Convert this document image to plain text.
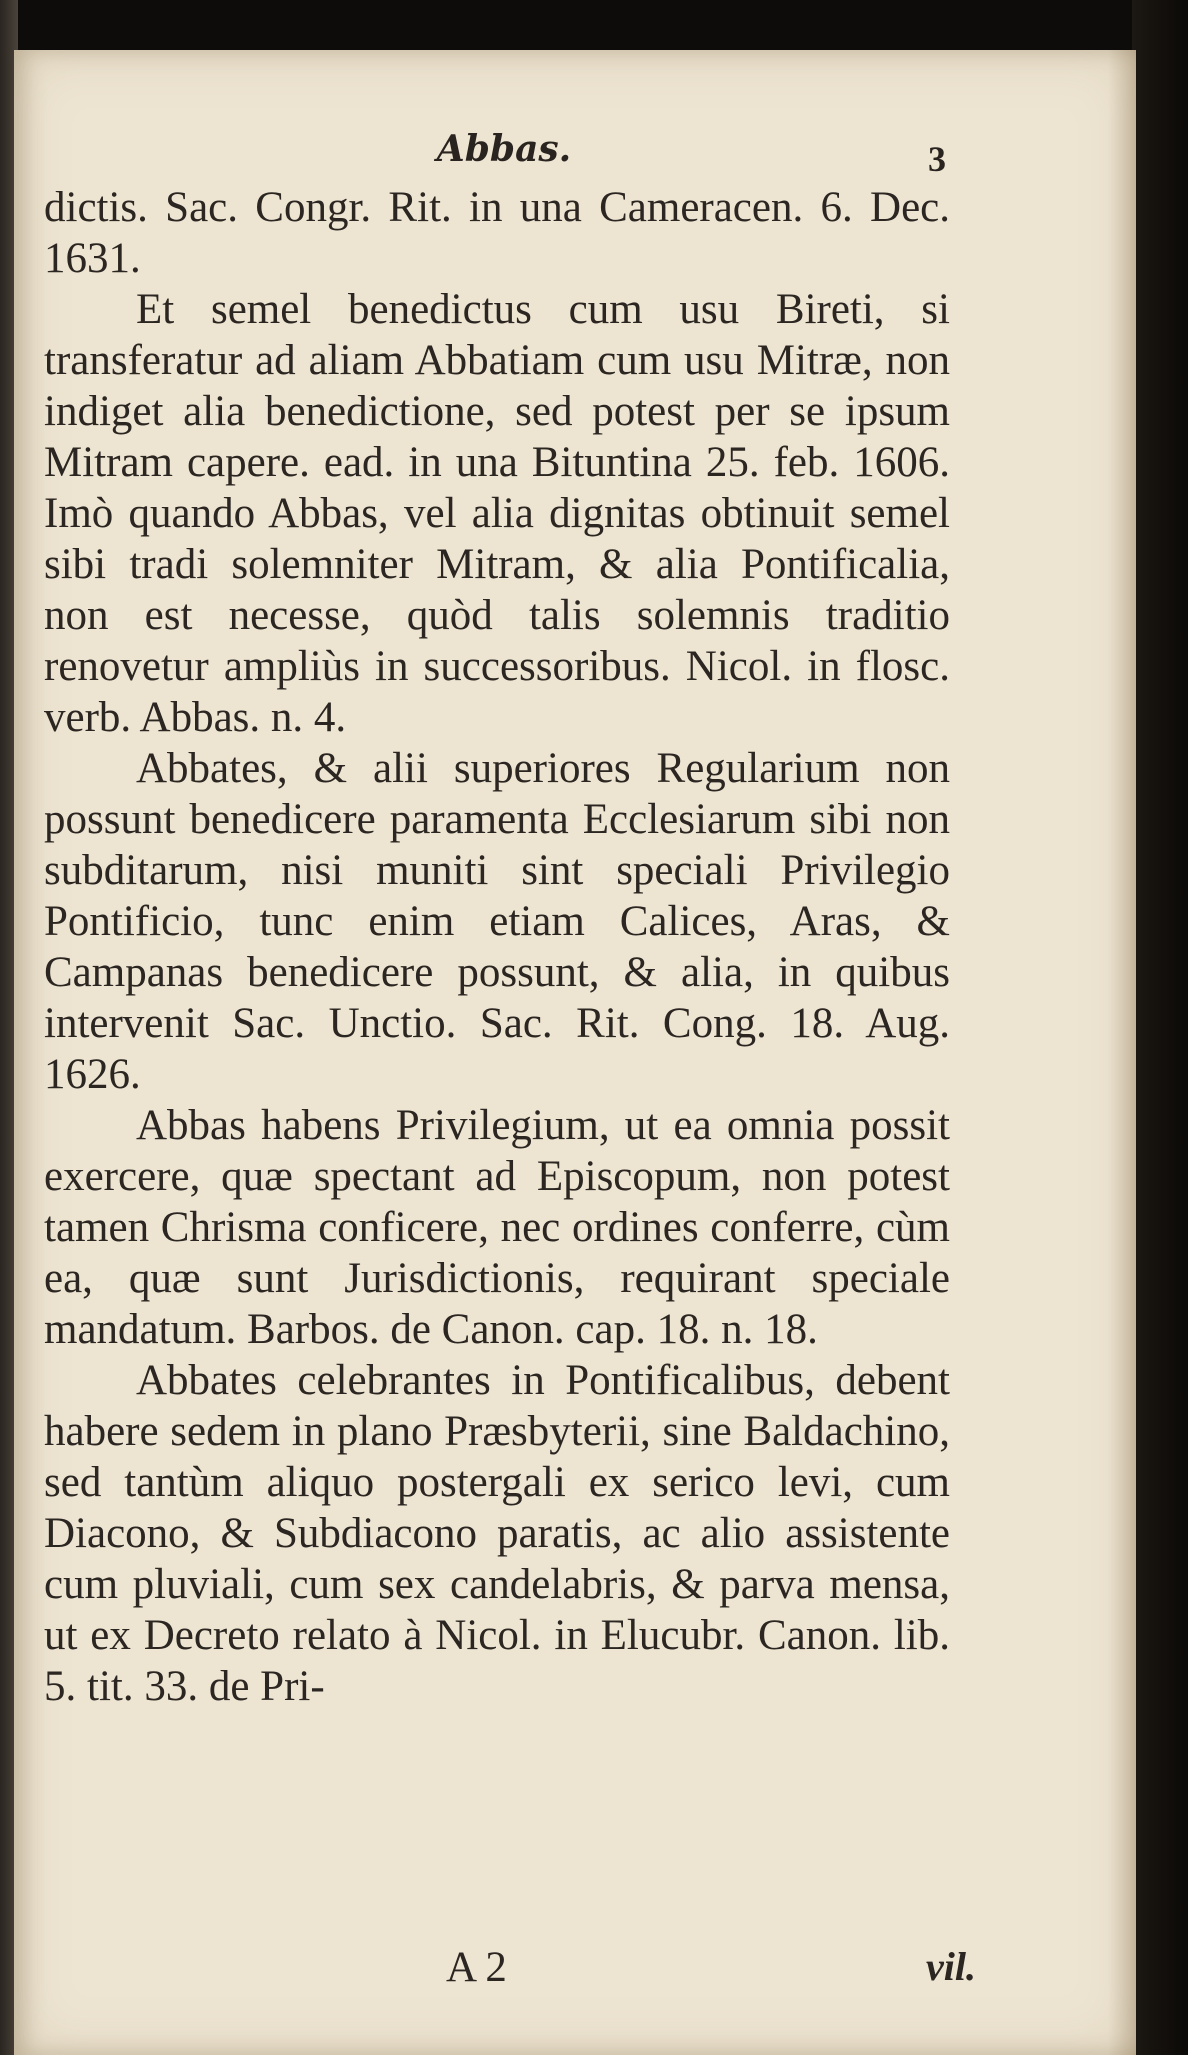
Abbas.	3

dictis. Sac. Congr. Rit. in una Cameracen. 6. Dec. 1631.

Et semel benedictus cum usu Bireti, si transferatur ad aliam Abbatiam cum usu Mitræ, non indiget alia benedictione, sed potest per se ipsum Mitram capere. ead. in una Bituntina 25. feb. 1606. Imò quando Abbas, vel alia dignitas obtinuit semel sibi tradi solemniter Mitram, & alia Pontificalia, non est necesse, quòd talis solemnis traditio renovetur ampliùs in successoribus. Nicol. in flosc. verb. Abbas. n. 4.

Abbates, & alii superiores Regularium non possunt benedicere paramenta Ecclesiarum sibi non subditarum, nisi muniti sint speciali Privilegio Pontificio, tunc enim etiam Calices, Aras, & Campanas benedicere possunt, & alia, in quibus intervenit Sac. Unctio. Sac. Rit. Cong. 18. Aug. 1626.

Abbas habens Privilegium, ut ea omnia possit exercere, quæ spectant ad Episcopum, non potest tamen Chrisma conficere, nec ordines conferre, cùm ea, quæ sunt Jurisdictionis, requirant speciale mandatum. Barbos. de Canon. cap. 18. n. 18.

Abbates celebrantes in Pontificalibus, debent habere sedem in plano Præsbyterii, sine Baldachino, sed tantùm aliquo postergali ex serico levi, cum Diacono, & Subdiacono paratis, ac alio assistente cum pluviali, cum sex candelabris, & parva mensa, ut ex Decreto relato à Nicol. in Elucubr. Canon. lib. 5. tit. 33. de Pri-

A 2	vil.
